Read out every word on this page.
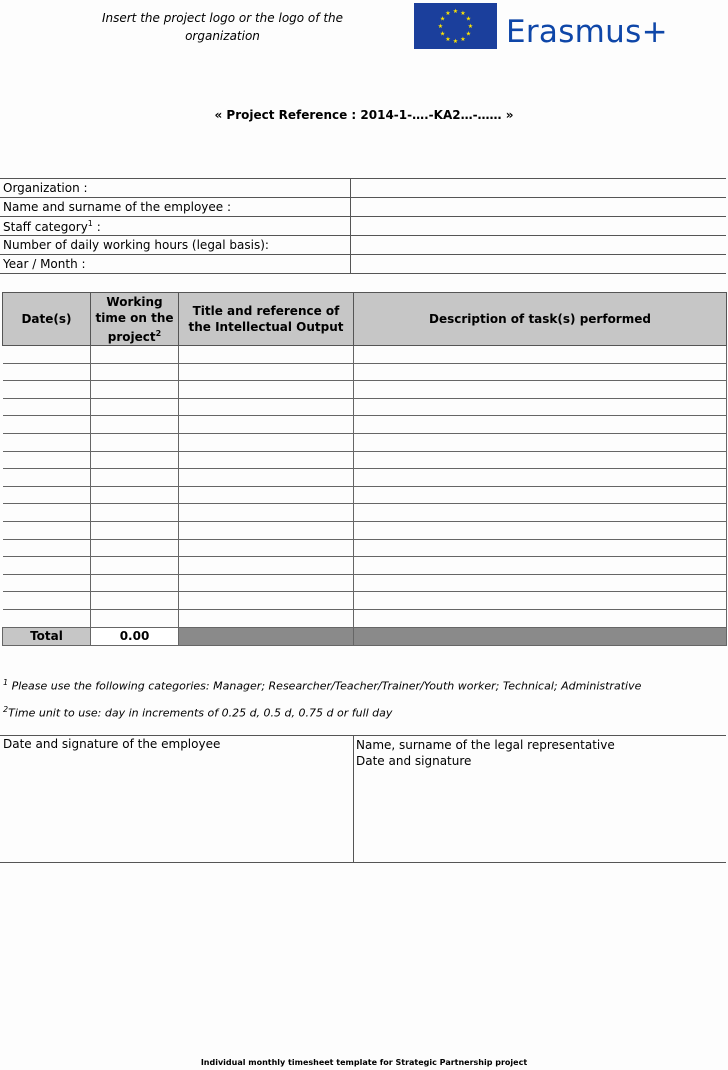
Insert the project logo or the logo of the
organization
★ ★
★
★
★
★
★
★
★
★
★
★
Erasmus+
« Project Reference : 2014-1-….-KA2…-…… »
Organization :	
Name and surname of the employee :	
Staff category$^1$ :	
Number of daily working hours (legal basis):	
Year / Month :	
Date(s)	Working time on the project$^2$	Title and reference of the Intellectual Output	Description of task(s) performed

Total	0.00		
$^1$ Please use the following categories: Manager; Researcher/Teacher/Trainer/Youth worker; Technical; Administrative
$^2$Time unit to use: day in increments of 0.25 d, 0.5 d, 0.75 d or full day
Date and signature of the employee	Name, surname of the legal representative
Date and signature
Individual monthly timesheet template for Strategic Partnership project
